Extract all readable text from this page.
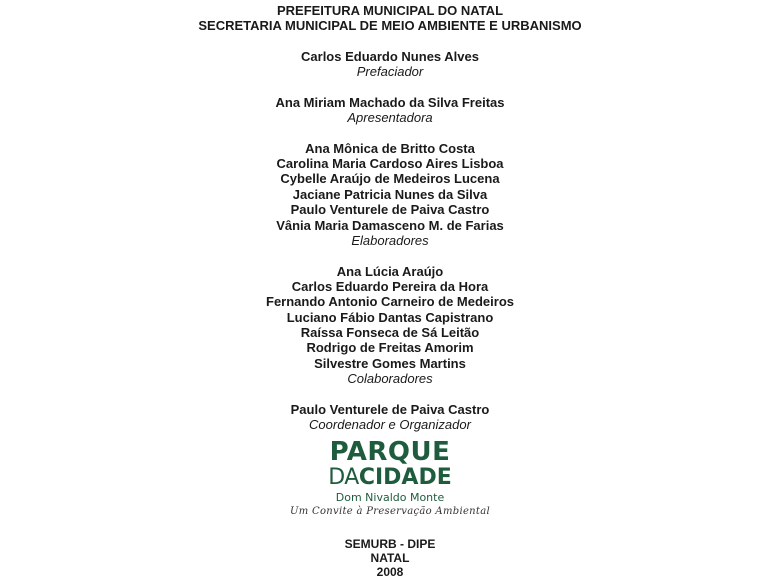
PREFEITURA MUNICIPAL DO NATAL
SECRETARIA MUNICIPAL DE MEIO AMBIENTE E URBANISMO
Carlos Eduardo Nunes Alves
Prefaciador
Ana Miriam Machado da Silva Freitas
Apresentadora
Ana Mônica de Britto Costa
Carolina Maria Cardoso Aires Lisboa
Cybelle Araújo de Medeiros Lucena
Jaciane Patricia Nunes da Silva
Paulo Venturele de Paiva Castro
Vânia Maria Damasceno M. de Farias
Elaboradores
Ana Lúcia Araújo
Carlos Eduardo Pereira da Hora
Fernando Antonio Carneiro de Medeiros
Luciano Fábio Dantas Capistrano
Raíssa Fonseca de Sá Leitão
Rodrigo de Freitas Amorim
Silvestre Gomes Martins
Colaboradores
Paulo Venturele de Paiva Castro
Coordenador e Organizador
PARQUE
DACIDADE
Dom Nivaldo Monte
Um Convite à Preservação Ambiental
SEMURB - DIPE
NATAL
2008
